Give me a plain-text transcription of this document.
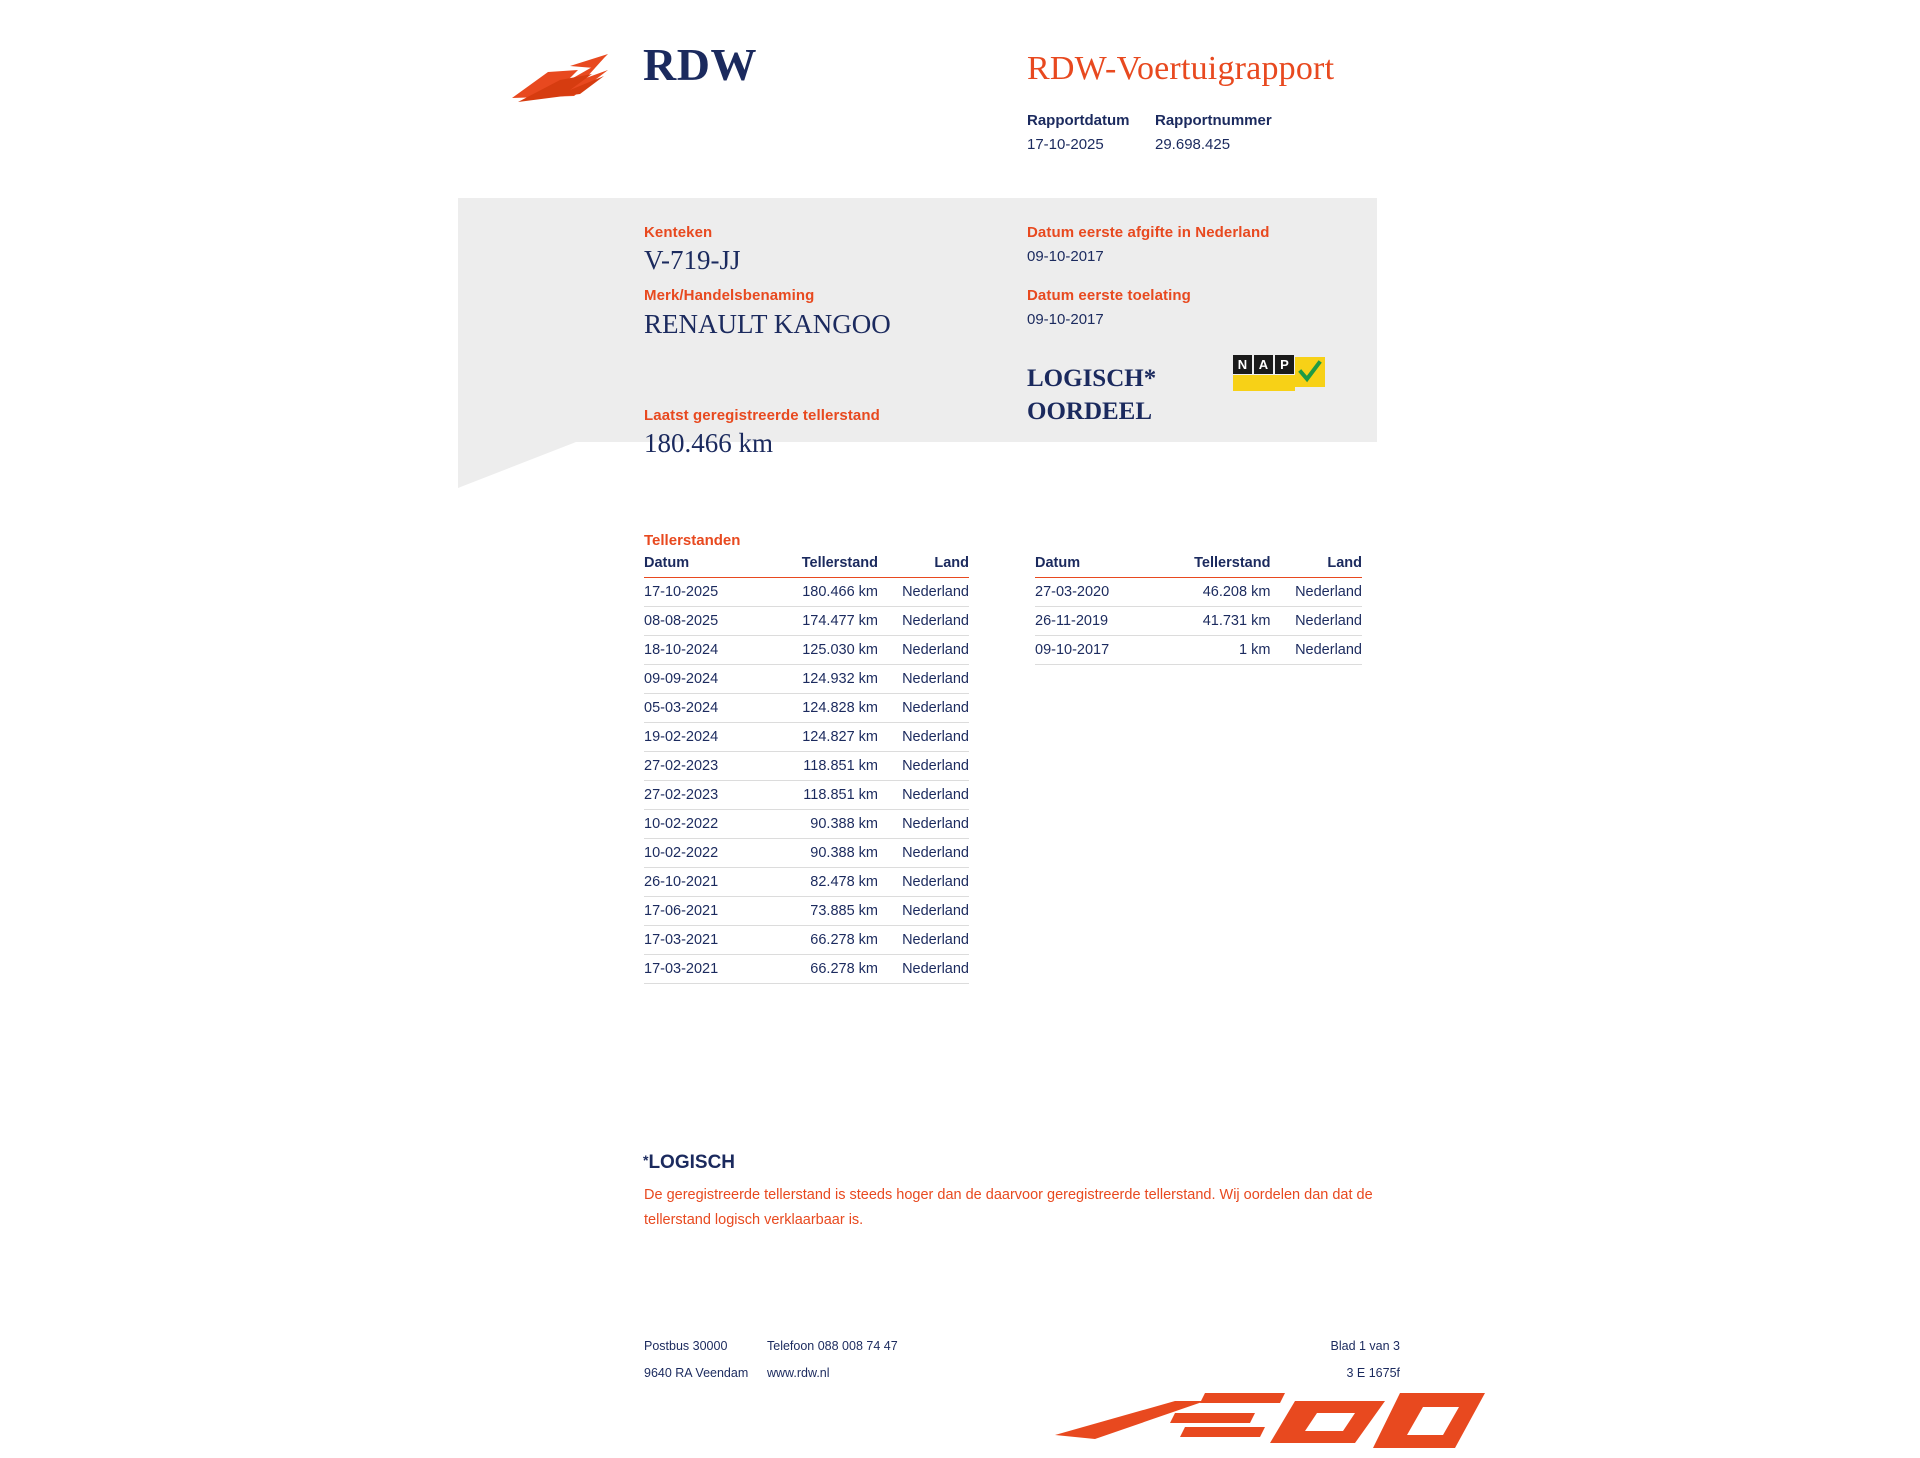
RDW	RDW-Voertuigrapport
Rapportdatum Rapportnummer
17-10-2025	29.698.425
Kenteken
V-719-JJ
Merk/Handelsbenaming
RENAULT KANGOO
Laatst geregistreerde tellerstand
180.466 km
Datum eerste afgifte in Nederland
09-10-2017
Datum eerste toelating
09-10-2017
LOGISCH*
OORDEEL
N A P
Tellerstanden
Datum	Tellerstand	Land
17-10-2025	180.466 km	Nederland
08-08-2025	174.477 km	Nederland
18-10-2024	125.030 km	Nederland
09-09-2024	124.932 km	Nederland
05-03-2024	124.828 km	Nederland
19-02-2024	124.827 km	Nederland
27-02-2023	118.851 km	Nederland
27-02-2023	118.851 km	Nederland
10-02-2022	90.388 km	Nederland
10-02-2022	90.388 km	Nederland
26-10-2021	82.478 km	Nederland
17-06-2021	73.885 km	Nederland
17-03-2021	66.278 km	Nederland
17-03-2021	66.278 km	Nederland
Datum	Tellerstand	Land
27-03-2020	46.208 km	Nederland
26-11-2019	41.731 km	Nederland
09-10-2017	1 km	Nederland
*LOGISCH
De geregistreerde tellerstand is steeds hoger dan de daarvoor geregistreerde tellerstand. Wij oordelen dan dat de tellerstand logisch verklaarbaar is.
Postbus 30000
9640 RA Veendam
Telefoon 088 008 74 47
www.rdw.nl
Blad 1 van 3
3 E 1675f
